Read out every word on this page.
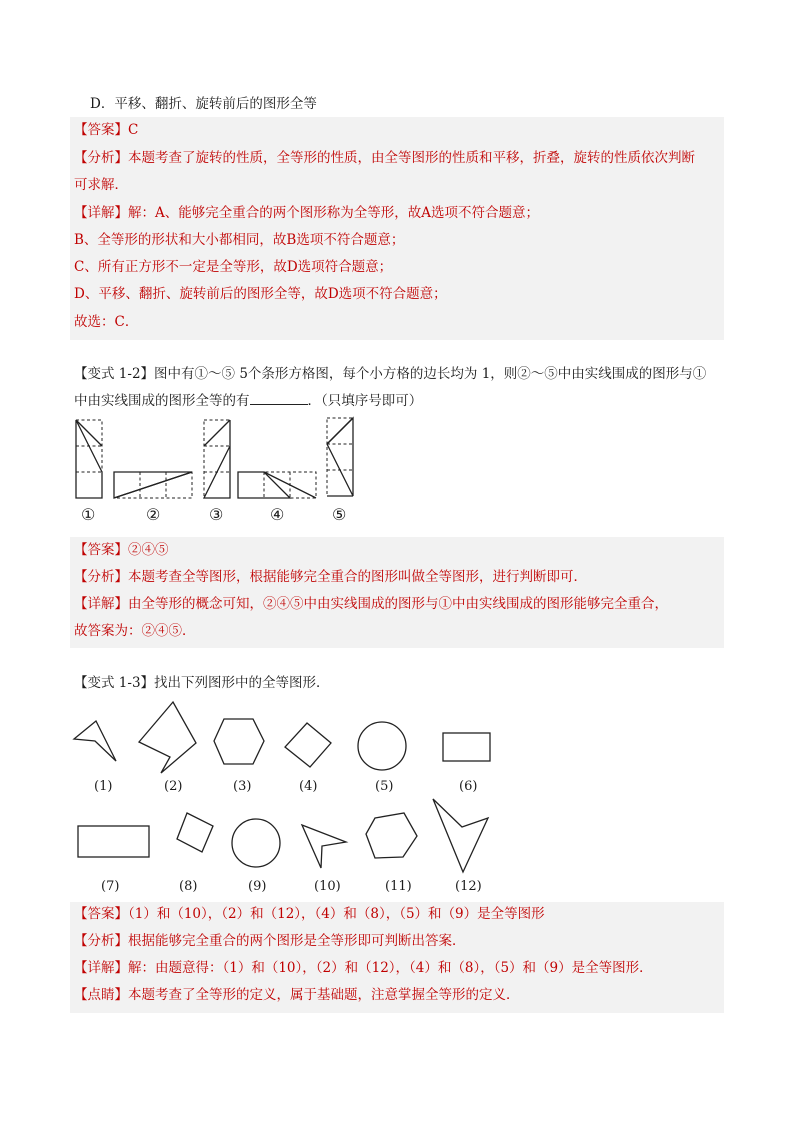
D．平移、翻折、旋转前后的图形全等
【答案】C
【分析】本题考查了旋转的性质，全等形的性质，由全等图形的性质和平移，折叠，旋转的性质依次判断
可求解．
【详解】解：A、能够完全重合的两个图形称为全等形，故A选项不符合题意；
B、全等形的形状和大小都相同，故B选项不符合题意；
C、所有正方形不一定是全等形，故D选项符合题意；
D、平移、翻折、旋转前后的图形全等，故D选项不符合题意；
故选：C．
【变式 1-2】图中有①～⑤ 5个条形方格图，每个小方格的边长均为 1，则②～⑤中由实线围成的图形与①
中由实线围成的图形全等的有	．（只填序号即可）
①	②	③	④	⑤
【答案】②④⑤
【分析】本题考查全等图形，根据能够完全重合的图形叫做全等图形，进行判断即可．
【详解】由全等形的概念可知，②④⑤中由实线围成的图形与①中由实线围成的图形能够完全重合，
故答案为：②④⑤．
【变式 1-3】找出下列图形中的全等图形．
(1)	(2)	(3)	(4)	(5)	(6)
(7)	(8)	(9)	(10)	(11)	(12)
【答案】（1）和（10），（2）和（12），（4）和（8），（5）和（9）是全等图形
【分析】根据能够完全重合的两个图形是全等形即可判断出答案．
【详解】解：由题意得：（1）和（10），（2）和（12），（4）和（8），（5）和（9）是全等图形．
【点睛】本题考查了全等形的定义，属于基础题，注意掌握全等形的定义．
